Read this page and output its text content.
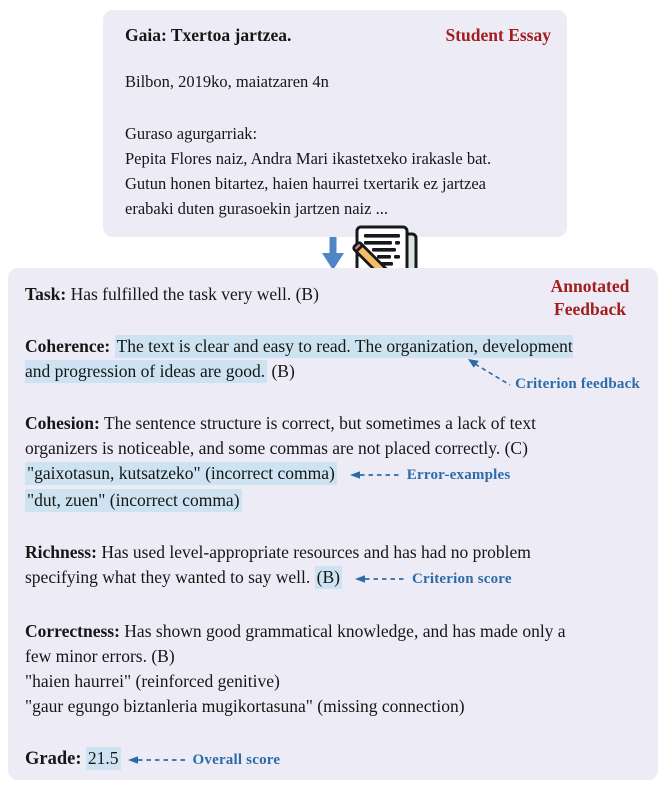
Gaia: Txertoa jartzea.	Student Essay
Bilbon, 2019ko, maiatzaren 4n
Guraso agurgarriak:
Pepita Flores naiz, Andra Mari ikastetxeko irakasle bat.
Gutun honen bitartez, haien haurrei txertarik ez jartzea
erabaki duten gurasoekin jartzen naiz ...
Annotated
Feedback

Task: Has fulfilled the task very well. (B)

Coherence: The text is clear and easy to read. The organization, development
and progression of ideas are good. (B)
Criterion feedback

Cohesion: The sentence structure is correct, but sometimes a lack of text
organizers is noticeable, and some commas are not placed correctly. (C)
"gaixotasun, kutsatzeko" (incorrect comma)	Error-examples
"dut, zuen" (incorrect comma)

Richness: Has used level-appropriate resources and has had no problem
specifying what they wanted to say well. (B)	Criterion score

Correctness: Has shown good grammatical knowledge, and has made only a
few minor errors. (B)
"haien haurrei" (reinforced genitive)
"gaur egungo biztanleria mugikortasuna" (missing connection)

Grade: 21.5	Overall score
